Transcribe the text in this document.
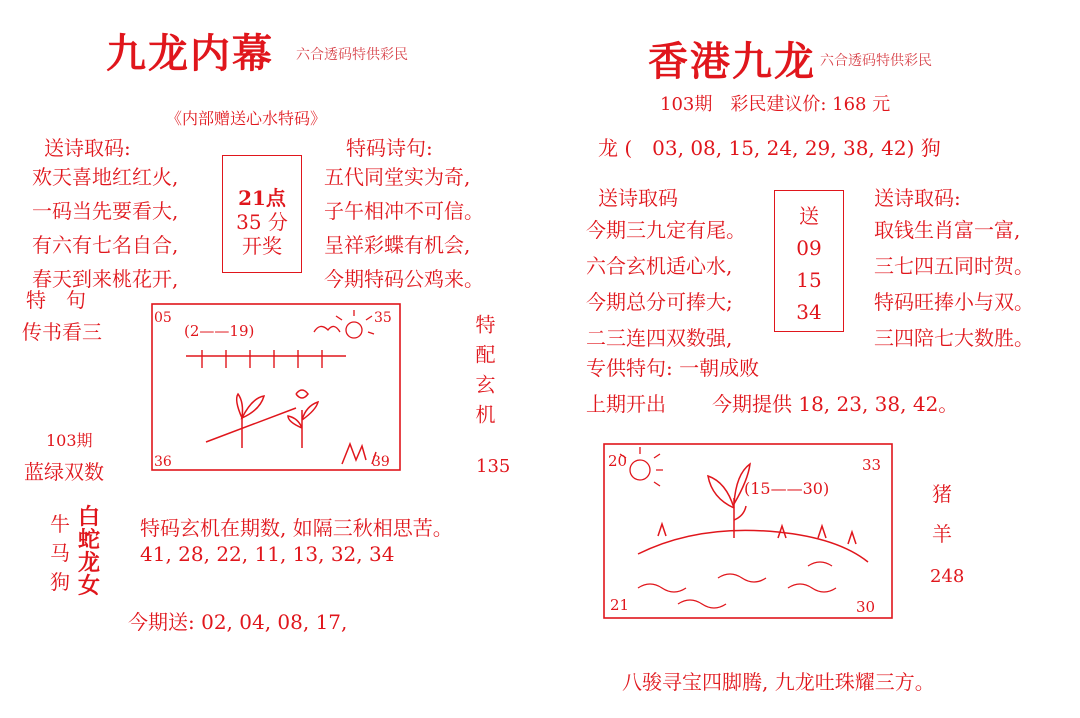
九龙内幕 六合透码特供彩民
《内部赠送心水特码》
送诗取码:
欢天喜地红红火,
一码当先要看大,
有六有七名自合,
春天到来桃花开,
21点
35 分
开奖
特码诗句:
五代同堂实为奇,
子午相冲不可信。
呈祥彩蝶有机会,
今期特码公鸡来。
特　句
传书看三	(2——19)
05	35
36	39
特配玄机
135
103期
蓝绿双数
牛
马
狗
白
蛇
龙
女
特码玄机在期数, 如隔三秋相思苦。
41, 28, 22, 11, 13, 32, 34
今期送: 02, 04, 08, 17,
香港九龙 六合透码特供彩民
103期　彩民建议价: 168 元
龙 (　03, 08, 15, 24, 29, 38, 42) 狗
送诗取码
今期三九定有尾。
六合玄机适心水,
今期总分可捧大;
二三连四双数强,
送
09
15
34
送诗取码:
取钱生肖富一富,
三七四五同时贺。
特码旺捧小与双。
三四陪七大数胜。
专供特句: 一朝成败
上期开出 今期提供 18, 23, 38, 42。
(15——30)
20	33
21	30
猪
羊
248
八骏寻宝四脚腾, 九龙吐珠耀三方。
